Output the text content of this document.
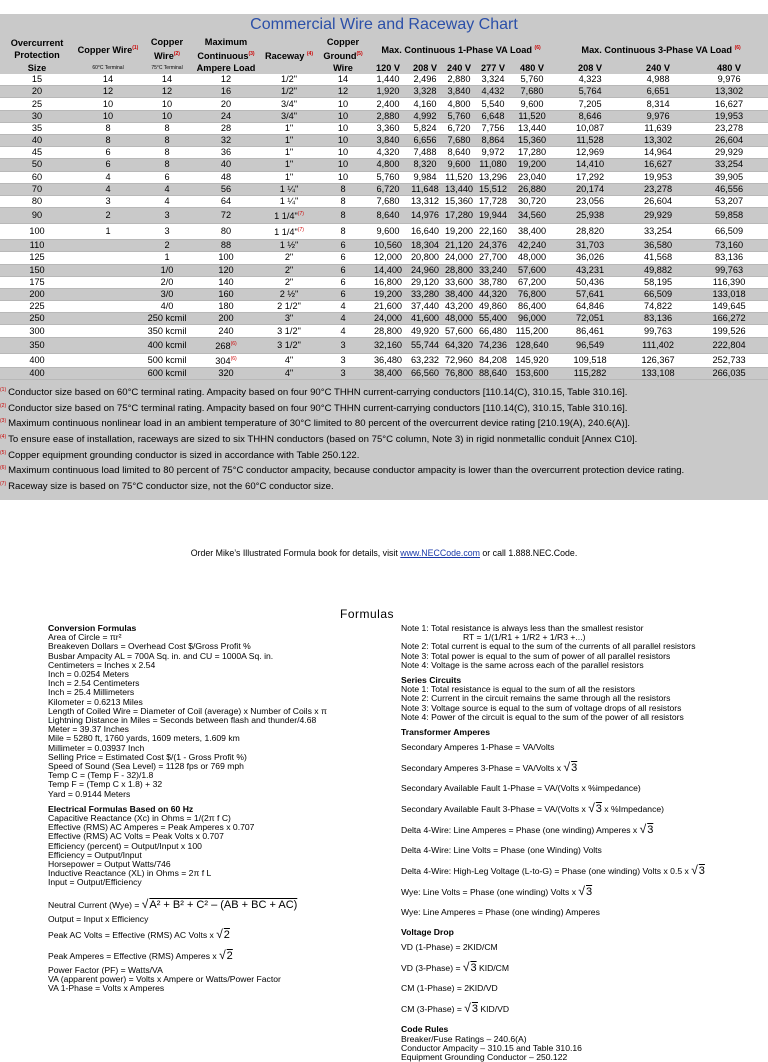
Commercial Wire and Raceway Chart
Overcurrent Protection	Copper Wire$^{(1)}$	Copper Wire$^{(2)}$	Maximum Continuous$^{(3)}$	Raceway $^{(4)}$	Copper Ground$^{(5)}$	Max. Continuous 1-Phase VA Load $^{(6)}$					Max. Continuous 3-Phase VA Load $^{(6)}$

Size	60°C Terminal	75°C Terminal	Ampere Load		Wire	120 V	208 V	240 V	277 V	480 V	208 V	240 V	480 V
15	14	14	12	1/2"	14	1,440	2,496	2,880	3,324	5,760	4,323	4,988	9,976
20	12	12	16	1/2"	12	1,920	3,328	3,840	4,432	7,680	5,764	6,651	13,302
25	10	10	20	3/4"	10	2,400	4,160	4,800	5,540	9,600	7,205	8,314	16,627
30	10	10	24	3/4"	10	2,880	4,992	5,760	6,648	11,520	8,646	9,976	19,953
35	8	8	28	1"	10	3,360	5,824	6,720	7,756	13,440	10,087	11,639	23,278
40	8	8	32	1"	10	3,840	6,656	7,680	8,864	15,360	11,528	13,302	26,604
45	6	8	36	1"	10	4,320	7,488	8,640	9,972	17,280	12,969	14,964	29,929
50	6	8	40	1"	10	4,800	8,320	9,600	11,080	19,200	14,410	16,627	33,254
60	4	6	48	1"	10	5,760	9,984	11,520	13,296	23,040	17,292	19,953	39,905
70	4	4	56	1 ¼"	8	6,720	11,648	13,440	15,512	26,880	20,174	23,278	46,556
80	3	4	64	1 ¼"	8	7,680	13,312	15,360	17,728	30,720	23,056	26,604	53,207
90	2	3	72	1 1/4"$^{(7)}$	8	8,640	14,976	17,280	19,944	34,560	25,938	29,929	59,858
100	1	3	80	1 1/4"$^{(7)}$	8	9,600	16,640	19,200	22,160	38,400	28,820	33,254	66,509
110		2	88	1 ½"	6	10,560	18,304	21,120	24,376	42,240	31,703	36,580	73,160
125		1	100	2"	6	12,000	20,800	24,000	27,700	48,000	36,026	41,568	83,136
150		1/0	120	2"	6	14,400	24,960	28,800	33,240	57,600	43,231	49,882	99,763
175		2/0	140	2"	6	16,800	29,120	33,600	38,780	67,200	50,436	58,195	116,390
200		3/0	160	2 ½"	6	19,200	33,280	38,400	44,320	76,800	57,641	66,509	133,018
225		4/0	180	2 1/2"	4	21,600	37,440	43,200	49,860	86,400	64,846	74,822	149,645
250		250 kcmil	200	3"	4	24,000	41,600	48,000	55,400	96,000	72,051	83,136	166,272
300		350 kcmil	240	3 1/2"	4	28,800	49,920	57,600	66,480	115,200	86,461	99,763	199,526
350		400 kcmil	268$^{(6)}$	3 1/2"	3	32,160	55,744	64,320	74,236	128,640	96,549	111,402	222,804
400		500 kcmil	304$^{(6)}$	4"	3	36,480	63,232	72,960	84,208	145,920	109,518	126,367	252,733
400		600 kcmil	320	4"	3	38,400	66,560	76,800	88,640	153,600	115,282	133,108	266,035
$^{(1)}$ Conductor size based on 60°C terminal rating. Ampacity based on four 90°C THHN current-carrying conductors [110.14(C), 310.15, Table 310.16].
$^{(2)}$ Conductor size based on 75°C terminal rating. Ampacity based on four 90°C THHN current-carrying conductors [110.14(C), 310.15, Table 310.16].
$^{(3)}$ Maximum continuous nonlinear load in an ambient temperature of 30°C limited to 80 percent of the overcurrent device rating [210.19(A), 240.6(A)].
$^{(4)}$ To ensure ease of installation, raceways are sized to six THHN conductors (based on 75°C column, Note 3) in rigid nonmetallic conduit [Annex C10].
$^{(5)}$ Copper equipment grounding conductor is sized in accordance with Table 250.122.
$^{(6)}$ Maximum continuous load limited to 80 percent of 75°C conductor ampacity, because conductor ampacity is lower than the overcurrent protection device rating.
$^{(7)}$ Raceway size is based on 75°C conductor size, not the 60°C conductor size.
Order Mike’s Illustrated Formula book for details, visit www.NECCode.com or call 1.888.NEC.Code.
Formulas
Conversion Formulas
Area of Circle = πr²
Breakeven Dollars = Overhead Cost $/Gross Profit %
Busbar Ampacity AL = 700A Sq. in. and CU = 1000A Sq. in.
Centimeters = Inches x 2.54
Inch = 0.0254 Meters
Inch = 2.54 Centimeters
Inch = 25.4 Millimeters
Kilometer = 0.6213 Miles
Length of Coiled Wire = Diameter of Coil (average) x Number of Coils x π
Lightning Distance in Miles = Seconds between flash and thunder/4.68
Meter = 39.37 Inches
Mile = 5280 ft, 1760 yards, 1609 meters, 1.609 km
Millimeter = 0.03937 Inch
Selling Price = Estimated Cost $/(1 - Gross Profit %)
Speed of Sound (Sea Level) = 1128 fps or 769 mph
Temp C = (Temp F - 32)/1.8
Temp F = (Temp C x 1.8) + 32
Yard = 0.9144 Meters
Electrical Formulas Based on 60 Hz
Capacitive Reactance (Xc) in Ohms = 1/(2π f C)
Effective (RMS) AC Amperes = Peak Amperes x 0.707
Effective (RMS) AC Volts = Peak Volts x 0.707
Efficiency (percent) = Output/Input x 100
Efficiency = Output/Input
Horsepower = Output Watts/746
Inductive Reactance (XL) in Ohms = 2π f L
Input = Output/Efficiency
Neutral Current (Wye) = √A² + B² + C² – (AB + BC + AC)
Output = Input x Efficiency
Peak AC Volts = Effective (RMS) AC Volts x √2
Peak Amperes = Effective (RMS) Amperes x √2
Power Factor (PF) = Watts/VA
VA (apparent power) = Volts x Ampere or Watts/Power Factor
VA 1-Phase = Volts x Amperes
Note 1: Total resistance is always less than the smallest resistor
RT = 1/(1/R1 + 1/R2 + 1/R3 +...)
Note 2: Total current is equal to the sum of the currents of all parallel resistors
Note 3: Total power is equal to the sum of power of all parallel resistors
Note 4: Voltage is the same across each of the parallel resistors
Series Circuits
Note 1: Total resistance is equal to the sum of all the resistors
Note 2: Current in the circuit remains the same through all the resistors
Note 3: Voltage source is equal to the sum of voltage drops of all resistors
Note 4: Power of the circuit is equal to the sum of the power of all resistors
Transformer Amperes
Secondary Amperes 1-Phase = VA/Volts
Secondary Amperes 3-Phase = VA/Volts x √3
Secondary Available Fault 1-Phase = VA/(Volts x %impedance)
Secondary Available Fault 3-Phase = VA/(Volts x √3 x %Impedance)
Delta 4-Wire: Line Amperes = Phase (one winding) Amperes x √3
Delta 4-Wire: Line Volts = Phase (one Winding) Volts
Delta 4-Wire: High-Leg Voltage (L-to-G) = Phase (one winding) Volts x 0.5 x √3
Wye: Line Volts = Phase (one winding) Volts x √3
Wye: Line Amperes = Phase (one winding) Amperes
Voltage Drop
VD (1-Phase) = 2KID/CM
VD (3-Phase) = √3 KID/CM
CM (1-Phase) = 2KID/VD
CM (3-Phase) = √3 KID/VD
Code Rules
Breaker/Fuse Ratings – 240.6(A)
Conductor Ampacity – 310.15 and Table 310.16
Equipment Grounding Conductor – 250.122
